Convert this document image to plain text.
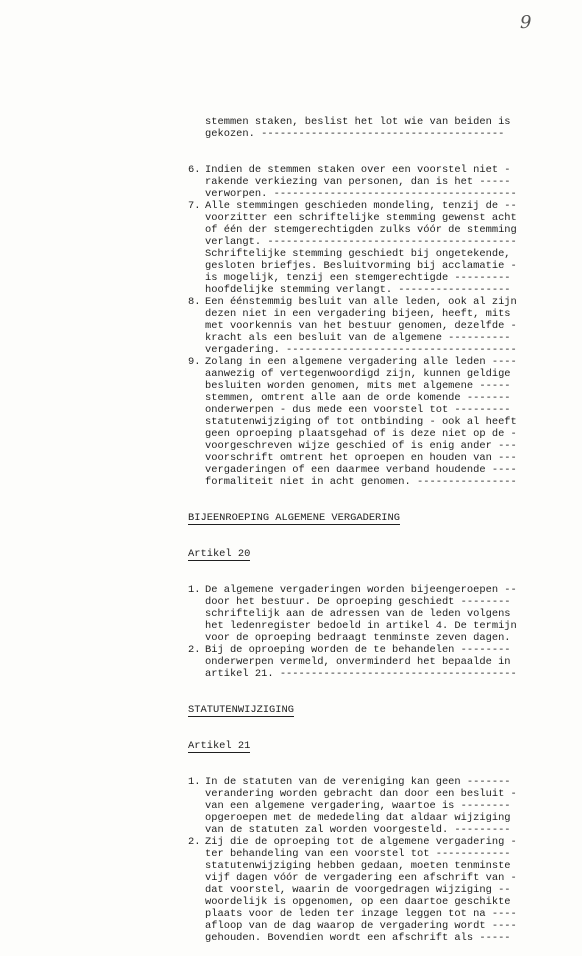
9

stemmen staken, beslist het lot wie van beiden is
gekozen. ---------------------------------------

6. Indien de stemmen staken over een voorstel niet -
rakende verkiezing van personen, dan is het -----
verworpen. ---------------------------------------
7. Alle stemmingen geschieden mondeling, tenzij de --
voorzitter een schriftelijke stemming gewenst acht
of één der stemgerechtigden zulks vóór de stemming
verlangt. ----------------------------------------
Schriftelijke stemming geschiedt bij ongetekende,
gesloten briefjes. Besluitvorming bij acclamatie -
is mogelijk, tenzij een stemgerechtigde ---------
hoofdelijke stemming verlangt. ------------------
8. Een éénstemmig besluit van alle leden, ook al zijn
dezen niet in een vergadering bijeen, heeft, mits
met voorkennis van het bestuur genomen, dezelfde -
kracht als een besluit van de algemene ----------
vergadering. -------------------------------------
9. Zolang in een algemene vergadering alle leden ----
aanwezig of vertegenwoordigd zijn, kunnen geldige
besluiten worden genomen, mits met algemene -----
stemmen, omtrent alle aan de orde komende -------
onderwerpen - dus mede een voorstel tot ---------
statutenwijziging of tot ontbinding - ook al heeft
geen oproeping plaatsgehad of is deze niet op de -
voorgeschreven wijze geschied of is enig ander ---
voorschrift omtrent het oproepen en houden van ---
vergaderingen of een daarmee verband houdende ----
formaliteit niet in acht genomen. ----------------

BIJEENROEPING ALGEMENE VERGADERING

Artikel 20

1. De algemene vergaderingen worden bijeengeroepen --
door het bestuur. De oproeping geschiedt --------
schriftelijk aan de adressen van de leden volgens
het ledenregister bedoeld in artikel 4. De termijn
voor de oproeping bedraagt tenminste zeven dagen.
2. Bij de oproeping worden de te behandelen --------
onderwerpen vermeld, onverminderd het bepaalde in
artikel 21. --------------------------------------

STATUTENWIJZIGING

Artikel 21

1. In de statuten van de vereniging kan geen -------
verandering worden gebracht dan door een besluit -
van een algemene vergadering, waartoe is --------
opgeroepen met de mededeling dat aldaar wijziging
van de statuten zal worden voorgesteld. ---------
2. Zij die de oproeping tot de algemene vergadering -
ter behandeling van een voorstel tot ------------
statutenwijziging hebben gedaan, moeten tenminste
vijf dagen vóór de vergadering een afschrift van -
dat voorstel, waarin de voorgedragen wijziging --
woordelijk is opgenomen, op een daartoe geschikte
plaats voor de leden ter inzage leggen tot na ----
afloop van de dag waarop de vergadering wordt ----
gehouden. Bovendien wordt een afschrift als -----
